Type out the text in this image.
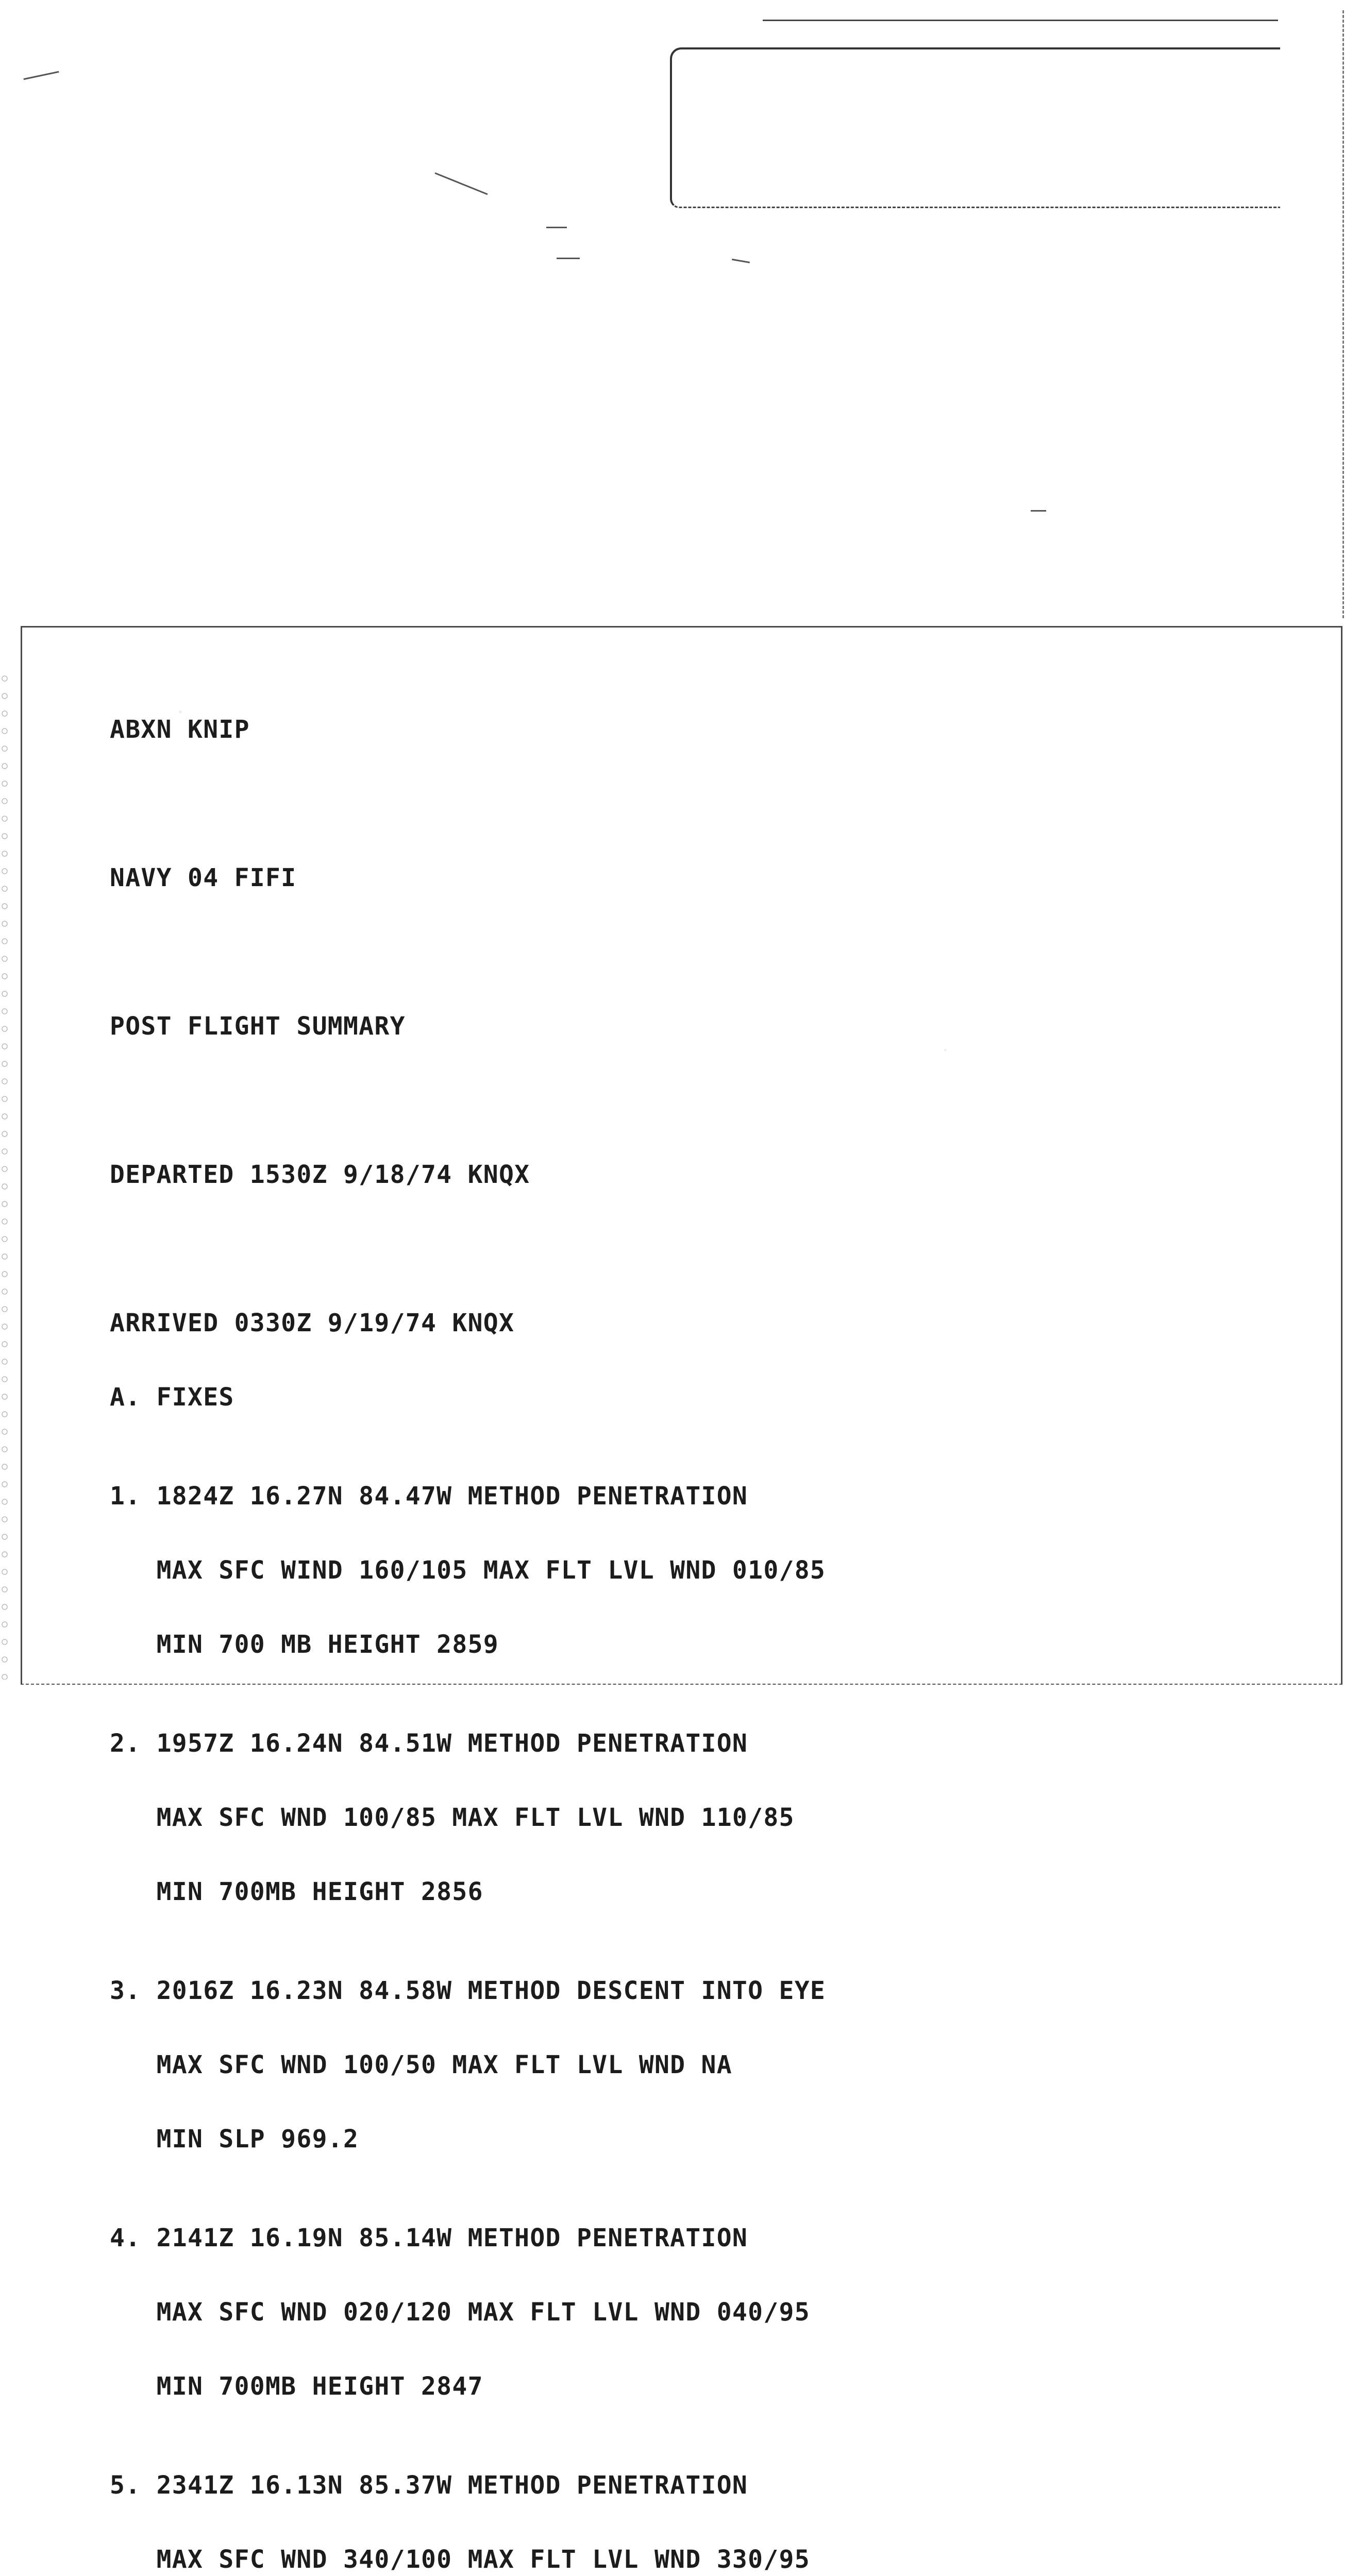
ABXN KNIP

NAVY 04 FIFI

POST FLIGHT SUMMARY

DEPARTED 1530Z 9/18/74 KNQX

ARRIVED 0330Z 9/19/74 KNQX

A. FIXES

1. 1824Z 16.27N 84.47W METHOD PENETRATION

MAX SFC WIND 160/105 MAX FLT LVL WND 010/85

MIN 700 MB HEIGHT 2859

2. 1957Z 16.24N 84.51W METHOD PENETRATION

MAX SFC WND 100/85 MAX FLT LVL WND 110/85

MIN 700MB HEIGHT 2856

3. 2016Z 16.23N 84.58W METHOD DESCENT INTO EYE

MAX SFC WND 100/50 MAX FLT LVL WND NA

MIN SLP 969.2

4. 2141Z 16.19N 85.14W METHOD PENETRATION

MAX SFC WND 020/120 MAX FLT LVL WND 040/95

MIN 700MB HEIGHT 2847

5. 2341Z 16.13N 85.37W METHOD PENETRATION

MAX SFC WND 340/100 MAX FLT LVL WND 330/95
